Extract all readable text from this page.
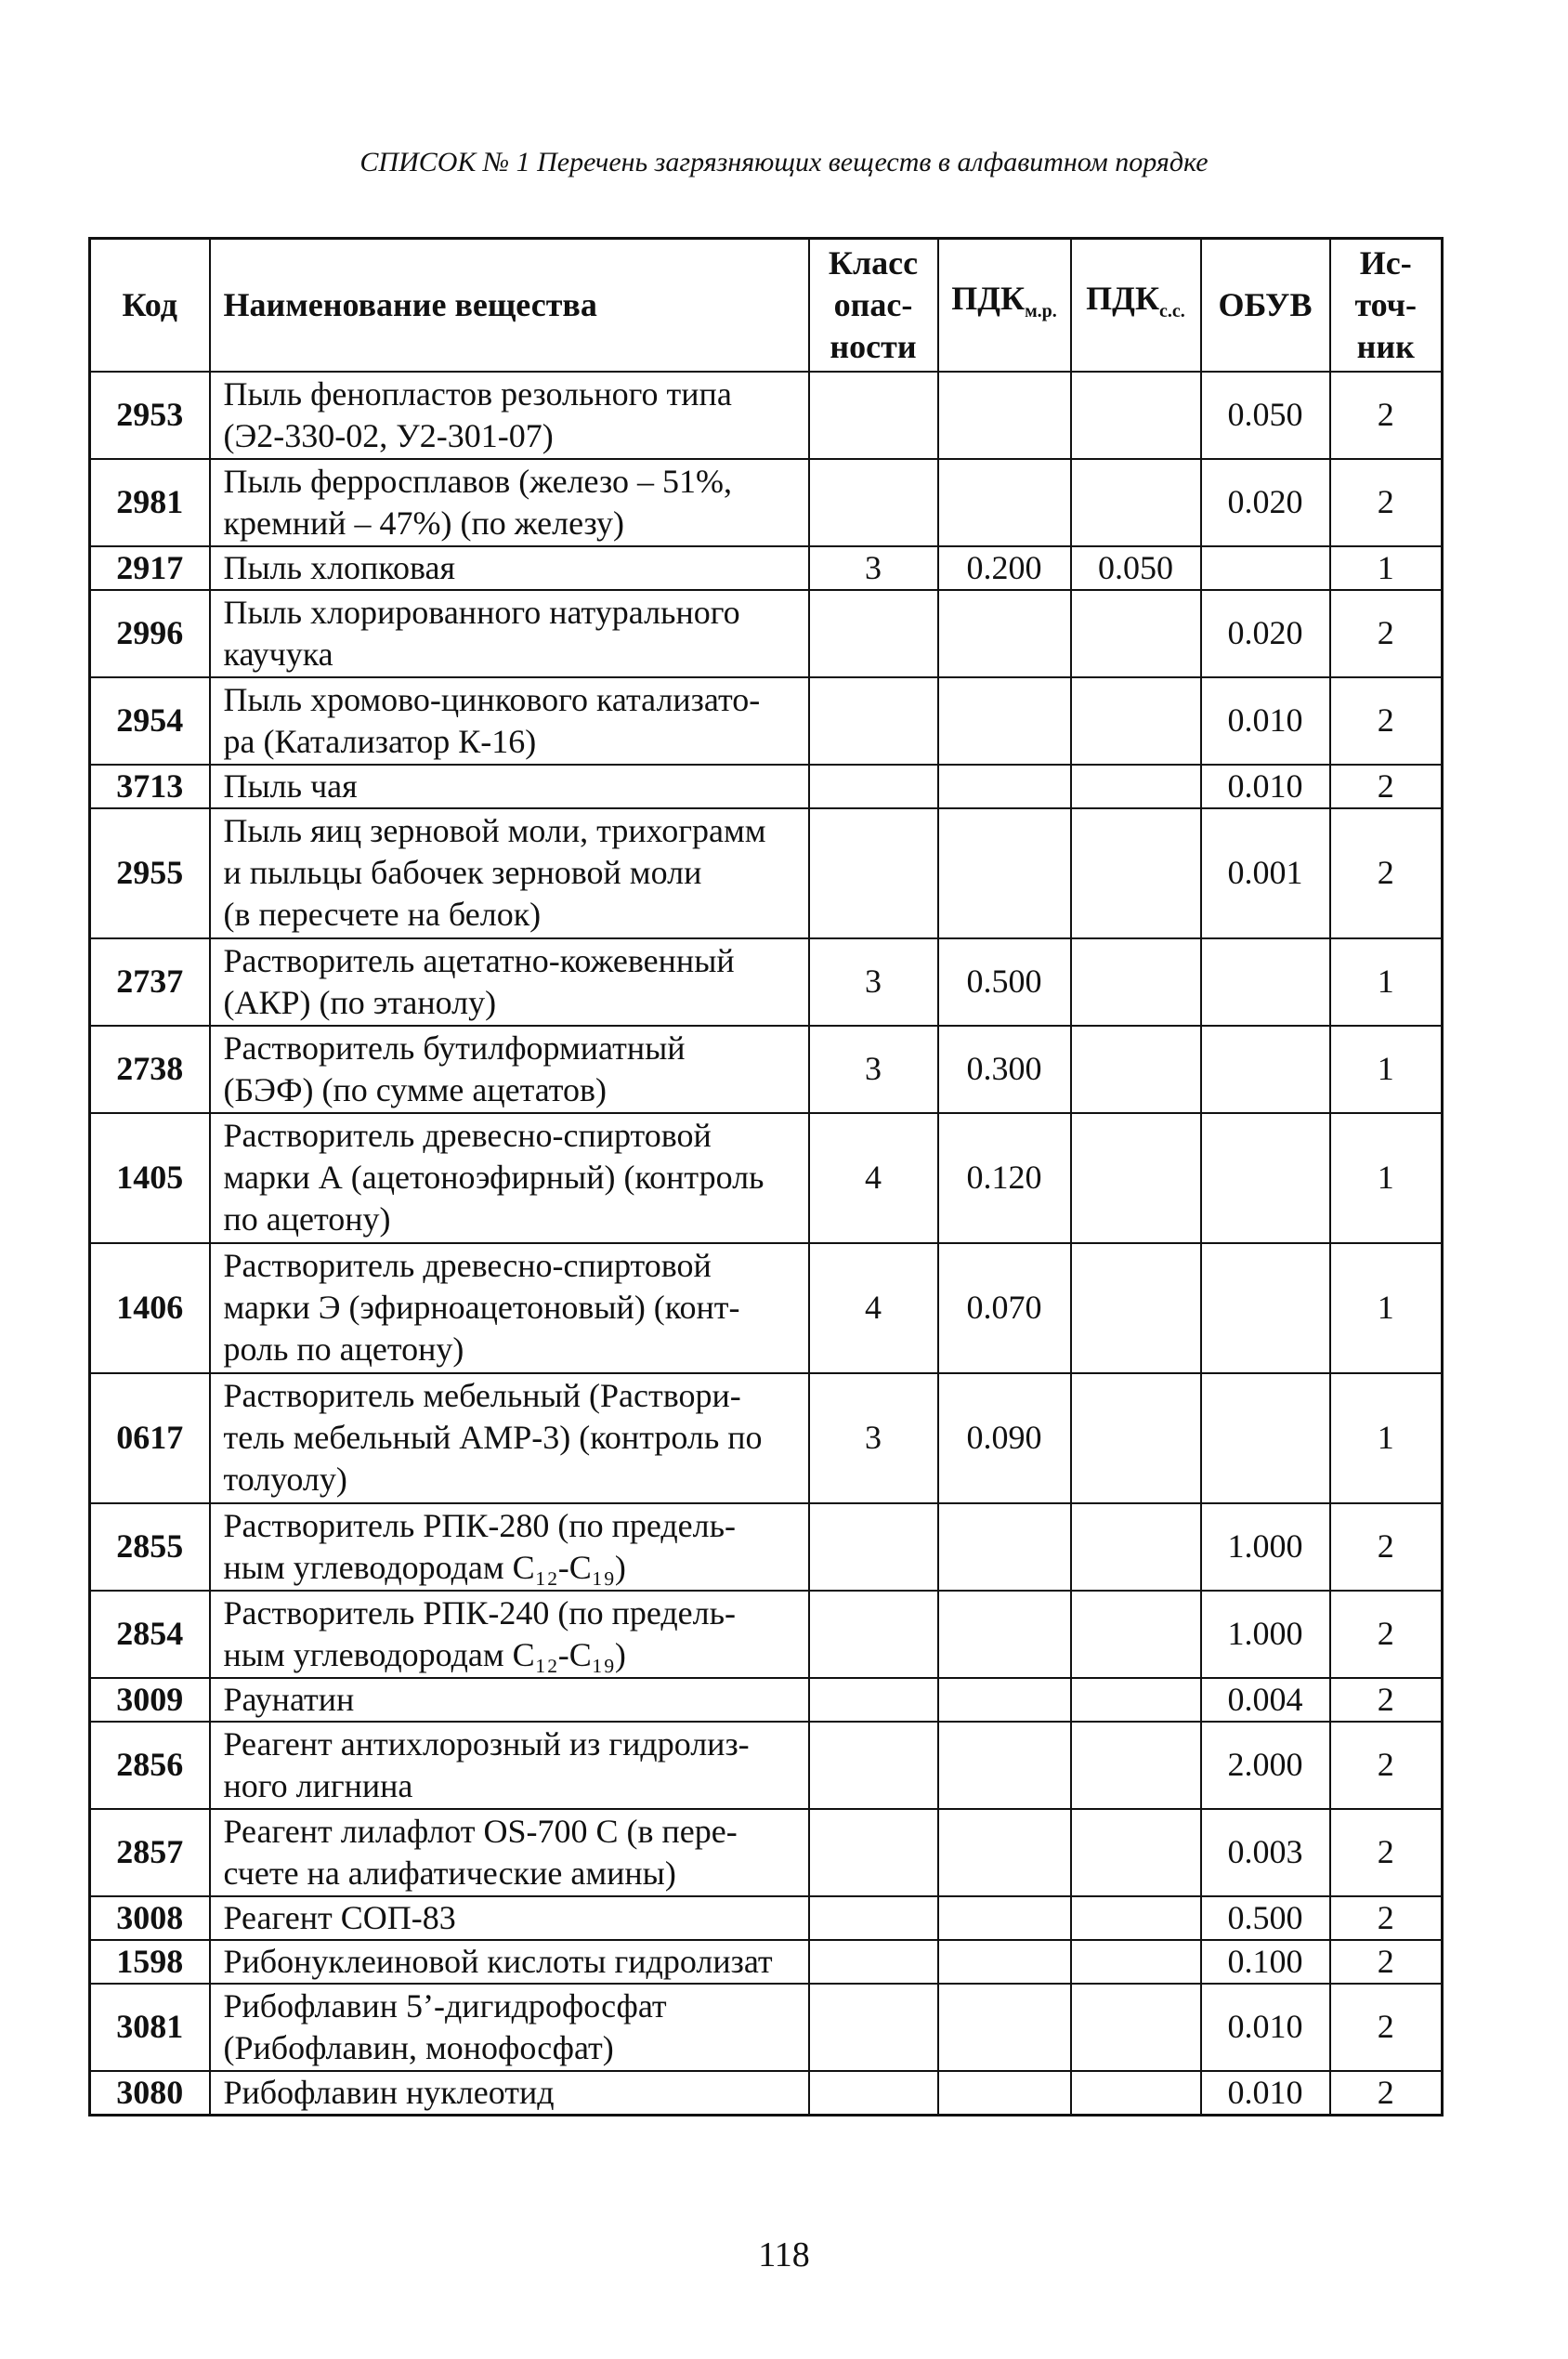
СПИСОК № 1 Перечень загрязняющих веществ в алфавитном порядке
Код	Наименование вещества	Класс
опас-
ности	$ПДК_{м.р.}$	$ПДК_{с.с.}$	ОБУВ	Ис-
точ-
ник
2953	Пыль фенопластов резольного типа
(Э2-330-02, У2-301-07)				0.050	2
2981	Пыль ферросплавов (железо – 51%,
кремний – 47%) (по железу)				0.020	2
2917	Пыль хлопковая	3	0.200	0.050		1
2996	Пыль хлорированного натурального
каучука				0.020	2
2954	Пыль хромово-цинкового катализато-
ра (Катализатор К-16)				0.010	2
3713	Пыль чая				0.010	2
2955	Пыль яиц зерновой моли, трихограмм
и пыльцы бабочек зерновой моли
(в пересчете на белок)				0.001	2
2737	Растворитель ацетатно-кожевенный
(АКР) (по этанолу)	3	0.500			1
2738	Растворитель бутилформиатный
(БЭФ) (по сумме ацетатов)	3	0.300			1
1405	Растворитель древесно-спиртовой
марки А (ацетоноэфирный) (контроль
по ацетону)	4	0.120			1
1406	Растворитель древесно-спиртовой
марки Э (эфирноацетоновый) (конт-
роль по ацетону)	4	0.070			1
0617	Растворитель мебельный (Раствори-
тель мебельный АМР-3) (контроль по
толуолу)	3	0.090			1
2855	Растворитель РПК-280 (по предель-
ным углеводородам C₁₂-C₁₉)				1.000	2
2854	Растворитель РПК-240 (по предель-
ным углеводородам C₁₂-C₁₉)				1.000	2
3009	Раунатин				0.004	2
2856	Реагент антихлорозный из гидролиз-
ного лигнина				2.000	2
2857	Реагент лилафлот OS-700 С (в пере-
счете на алифатические амины)				0.003	2
3008	Реагент СОП-83				0.500	2
1598	Рибонуклеиновой кислоты гидролизат				0.100	2
3081	Рибофлавин 5’-дигидрофосфат
(Рибофлавин, монофосфат)				0.010	2
3080	Рибофлавин нуклеотид				0.010	2
118
